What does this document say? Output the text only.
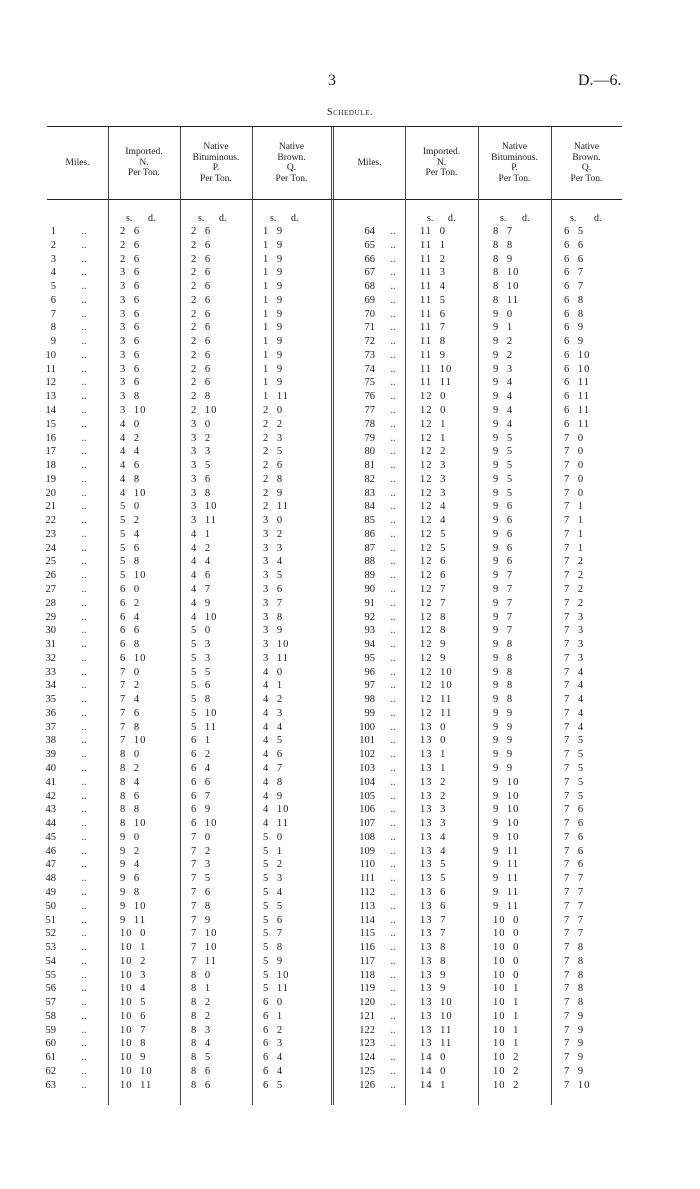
3	D.—6.
Schedule.
Miles.
Imported.
N.
Per Ton.
Native
Bituminous.
P.
Per Ton.
Native
Brown.
Q.
Per Ton.
Miles.
Imported.
N.
Per Ton.
Native
Bituminous.
P.
Per Ton.
Native
Brown.
Q.
Per Ton.
s. d.	s. d.	s. d.	s. d.	s. d.	s. d.
1	..	2 6	2 6	1 9
2	..	2 6	2 6	1 9
3	..	2 6	2 6	1 9
4	..	3 6	2 6	1 9
5	..	3 6	2 6	1 9
6	..	3 6	2 6	1 9
7	..	3 6	2 6	1 9
8	..	3 6	2 6	1 9
9	..	3 6	2 6	1 9
10	..	3 6	2 6	1 9
11	..	3 6	2 6	1 9
12	..	3 6	2 6	1 9
13	..	3 8	2 8	1 11
14	..	3 10	2 10	2 0
15	..	4 0	3 0	2 2
16	..	4 2	3 2	2 3
17	..	4 4	3 3	2 5
18	..	4 6	3 5	2 6
19	..	4 8	3 6	2 8
20	..	4 10	3 8	2 9
21	..	5 0	3 10	2 11
22	..	5 2	3 11	3 0
23	..	5 4	4 1	3 2
24	..	5 6	4 2	3 3
25	..	5 8	4 4	3 4
26	..	5 10	4 6	3 5
27	..	6 0	4 7	3 6
28	..	6 2	4 9	3 7
29	..	6 4	4 10	3 8
30	..	6 6	5 0	3 9
31	..	6 8	5 3	3 10
32	..	6 10	5 3	3 11
33	..	7 0	5 5	4 0
34	..	7 2	5 6	4 1
35	..	7 4	5 8	4 2
36	..	7 6	5 10	4 3
37	..	7 8	5 11	4 4
38	..	7 10	6 1	4 5
39	..	8 0	6 2	4 6
40	..	8 2	6 4	4 7
41	..	8 4	6 6	4 8
42	..	8 6	6 7	4 9
43	..	8 8	6 9	4 10
44	..	8 10	6 10	4 11
45	..	9 0	7 0	5 0
46	..	9 2	7 2	5 1
47	..	9 4	7 3	5 2
48	..	9 6	7 5	5 3
49	..	9 8	7 6	5 4
50	..	9 10	7 8	5 5
51	..	9 11	7 9	5 6
52	..	10 0	7 10	5 7
53	..	10 1	7 10	5 8
54	..	10 2	7 11	5 9
55	..	10 3	8 0	5 10
56	..	10 4	8 1	5 11
57	..	10 5	8 2	6 0
58	..	10 6	8 2	6 1
59	..	10 7	8 3	6 2
60	..	10 8	8 4	6 3
61	..	10 9	8 5	6 4
62	..	10 10	8 6	6 4
63	..	10 11	8 6	6 5
64	..	11 0	8 7	6 5
65	..	11 1	8 8	6 6
66	..	11 2	8 9	6 6
67	..	11 3	8 10	6 7
68	..	11 4	8 10	6 7
69	..	11 5	8 11	6 8
70	..	11 6	9 0	6 8
71	..	11 7	9 1	6 9
72	..	11 8	9 2	6 9
73	..	11 9	9 2	6 10
74	..	11 10	9 3	6 10
75	..	11 11	9 4	6 11
76	..	12 0	9 4	6 11
77	..	12 0	9 4	6 11
78	..	12 1	9 4	6 11
79	..	12 1	9 5	7 0
80	..	12 2	9 5	7 0
81	..	12 3	9 5	7 0
82	..	12 3	9 5	7 0
83	..	12 3	9 5	7 0
84	..	12 4	9 6	7 1
85	..	12 4	9 6	7 1
86	..	12 5	9 6	7 1
87	..	12 5	9 6	7 1
88	..	12 6	9 6	7 2
89	..	12 6	9 7	7 2
90	..	12 7	9 7	7 2
91	..	12 7	9 7	7 2
92	..	12 8	9 7	7 3
93	..	12 8	9 7	7 3
94	..	12 9	9 8	7 3
95	..	12 9	9 8	7 3
96	..	12 10	9 8	7 4
97	..	12 10	9 8	7 4
98	..	12 11	9 8	7 4
99	..	12 11	9 9	7 4
100	..	13 0	9 9	7 4
101	..	13 0	9 9	7 5
102	..	13 1	9 9	7 5
103	..	13 1	9 9	7 5
104	..	13 2	9 10	7 5
105	..	13 2	9 10	7 5
106	..	13 3	9 10	7 6
107	..	13 3	9 10	7 6
108	..	13 4	9 10	7 6
109	..	13 4	9 11	7 6
110	..	13 5	9 11	7 6
111	..	13 5	9 11	7 7
112	..	13 6	9 11	7 7
113	..	13 6	9 11	7 7
114	..	13 7	10 0	7 7
115	..	13 7	10 0	7 7
116	..	13 8	10 0	7 8
117	..	13 8	10 0	7 8
118	..	13 9	10 0	7 8
119	..	13 9	10 1	7 8
120	..	13 10	10 1	7 8
121	..	13 10	10 1	7 9
122	..	13 11	10 1	7 9
123	..	13 11	10 1	7 9
124	..	14 0	10 2	7 9
125	..	14 0	10 2	7 9
126	..	14 1	10 2	7 10
